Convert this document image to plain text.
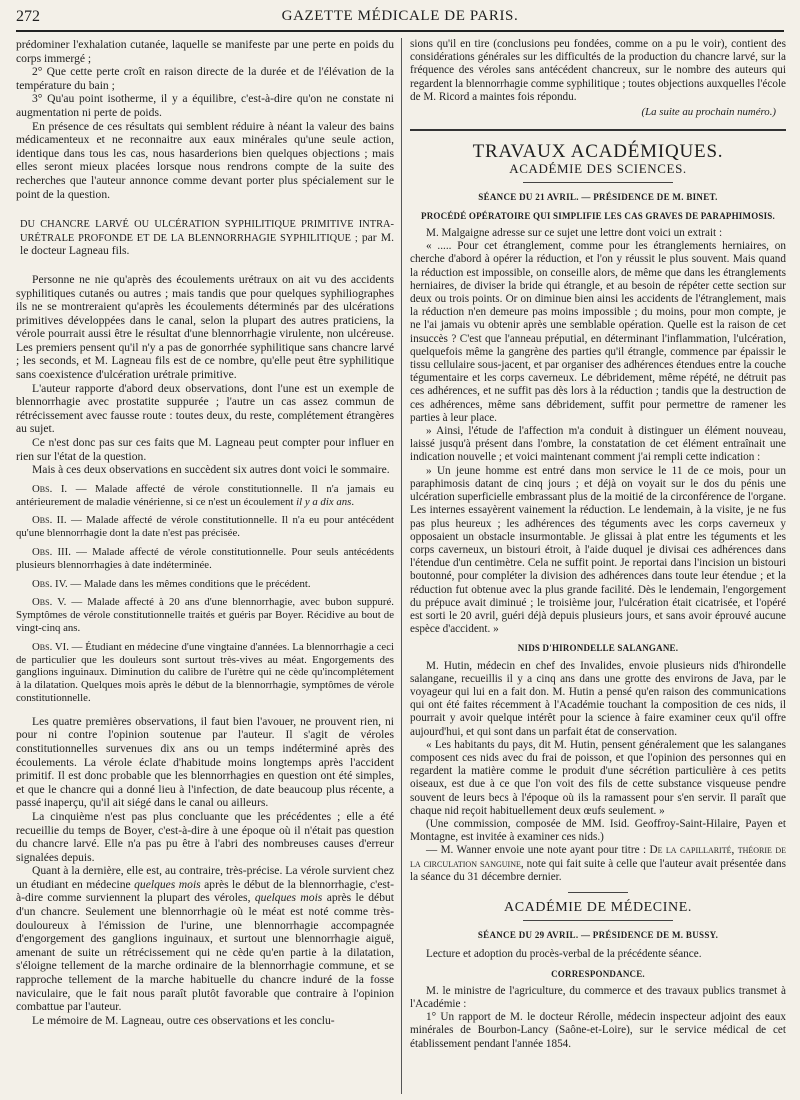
272	GAZETTE MÉDICALE DE PARIS.

prédominer l'exhalation cutanée, laquelle se manifeste par une perte en poids du corps immergé ;

2° Que cette perte croît en raison directe de la durée et de l'élévation de la température du bain ;

3° Qu'au point isotherme, il y a équilibre, c'est-à-dire qu'on ne constate ni augmentation ni perte de poids.

En présence de ces résultats qui semblent réduire à néant la valeur des bains médicamenteux et ne reconnaitre aux eaux minérales qu'une seule action, identique dans tous les cas, nous hasarderions bien quelques objections ; mais elles seront mieux placées lorsque nous rendrons compte de la suite des recherches que l'auteur annonce comme devant porter plus spécialement sur le point de la question.

DU CHANCRE LARVÉ OU ULCÉRATION SYPHILITIQUE PRIMITIVE INTRA-URÉTRALE PROFONDE ET DE LA BLENNORRHAGIE SYPHILITIQUE ; par M. le docteur Lagneau fils.

Personne ne nie qu'après des écoulements urétraux on ait vu des accidents syphilitiques cutanés ou autres ; mais tandis que pour quelques syphiliographes ils ne se montreraient qu'après les écoulements déterminés par des ulcérations primitives développées dans le canal, selon la plupart des autres praticiens, la vérole pourrait aussi être le résultat d'une blennorrhagie virulente, non ulcéreuse. Les premiers pensent qu'il n'y a pas de gonorrhée syphilitique sans chancre larvé ; les seconds, et M. Lagneau fils est de ce nombre, qu'elle peut être syphilitique sans coexistence d'ulcération urétrale primitive.

L'auteur rapporte d'abord deux observations, dont l'une est un exemple de blennorrhagie avec prostatite suppurée ; l'autre un cas assez commun de rétrécissement avec fausse route : toutes deux, du reste, complétement étrangères au sujet.

Ce n'est donc pas sur ces faits que M. Lagneau peut compter pour influer en rien sur l'état de la question.

Mais à ces deux observations en succèdent six autres dont voici le sommaire.

Obs. I. — Malade affecté de vérole constitutionnelle. Il n'a jamais eu antérieurement de maladie vénérienne, si ce n'est un écoulement il y a dix ans.

Obs. II. — Malade affecté de vérole constitutionnelle. Il n'a eu pour antécédent qu'une blennorrhagie dont la date n'est pas précisée.

Obs. III. — Malade affecté de vérole constitutionnelle. Pour seuls antécédents plusieurs blennorrhagies à date indéterminée.

Obs. IV. — Malade dans les mêmes conditions que le précédent.

Obs. V. — Malade affecté à 20 ans d'une blennorrhagie, avec bubon suppuré. Symptômes de vérole constitutionnelle traités et guéris par Boyer. Récidive au bout de vingt-cinq ans.

Obs. VI. — Étudiant en médecine d'une vingtaine d'années. La blennorrhagie a ceci de particulier que les douleurs sont surtout très-vives au méat. Engorgements des ganglions inguinaux. Diminution du calibre de l'urètre qui ne cède qu'incomplétement à la dilatation. Quelques mois après le début de la blennorrhagie, symptômes de vérole constitutionnelle.

Les quatre premières observations, il faut bien l'avouer, ne prouvent rien, ni pour ni contre l'opinion soutenue par l'auteur. Il s'agit de véroles constitutionnelles survenues dix ans ou un temps indéterminé après des écoulements. La vérole éclate d'habitude moins longtemps après l'accident primitif. Il est donc probable que les blennorrhagies en question ont été simples, et que le chancre qui a donné lieu à l'infection, de date beaucoup plus récente, a passé inaperçu, qu'il ait siégé dans le canal ou ailleurs.

La cinquième n'est pas plus concluante que les précédentes ; elle a été recueillie du temps de Boyer, c'est-à-dire à une époque où il n'était pas question du chancre larvé. Elle n'a pas pu être à l'abri des nombreuses causes d'erreur signalées depuis.

Quant à la dernière, elle est, au contraire, très-précise. La vérole survient chez un étudiant en médecine quelques mois après le début de la blennorrhagie, c'est-à-dire comme surviennent la plupart des véroles, quelques mois après le début d'un chancre. Seulement une blennorrhagie où le méat est noté comme très-douloureux à l'émission de l'urine, une blennorrhagie accompagnée d'engorgement des ganglions inguinaux, et surtout une blennorrhagie aiguë, amenant de suite un rétrécissement qui ne cède qu'en partie à la dilatation, s'éloigne tellement de la marche ordinaire de la blennorrhagie commune, et se rapproche tellement de la marche habituelle du chancre induré de la fosse naviculaire, que le fait nous paraît plutôt favorable que contraire à l'opinion combattue par l'auteur.

Le mémoire de M. Lagneau, outre ces observations et les conclu-

sions qu'il en tire (conclusions peu fondées, comme on a pu le voir), contient des considérations générales sur les difficultés de la production du chancre larvé, sur la fréquence des véroles sans antécédent chancreux, sur le nombre des auteurs qui regardent la blennorrhagie comme syphilitique ; toutes objections auxquelles l'école de M. Ricord a maintes fois répondu.

(La suite au prochain numéro.)

TRAVAUX ACADÉMIQUES.
ACADÉMIE DES SCIENCES.
SÉANCE DU 21 AVRIL. — PRÉSIDENCE DE M. BINET.
PROCÉDÉ OPÉRATOIRE QUI SIMPLIFIE LES CAS GRAVES DE PARAPHIMOSIS.

M. Malgaigne adresse sur ce sujet une lettre dont voici un extrait :

« ..... Pour cet étranglement, comme pour les étranglements herniaires, on cherche d'abord à opérer la réduction, et l'on y réussit le plus souvent. Mais quand la réduction est impossible, on conseille alors, de même que dans les étranglements herniaires, de diviser la bride qui étrangle, et au besoin de répéter cette section sur deux ou trois points. Or on diminue bien ainsi les accidents de l'étranglement, mais la réduction n'en demeure pas moins impossible ; du moins, pour mon compte, je ne l'ai jamais vu obtenir après une semblable opération. Quelle est la raison de cet insuccès ? C'est que l'anneau préputial, en déterminant l'inflammation, l'ulcération, quelquefois même la gangrène des parties qu'il étrangle, commence par épaissir le tissu cellulaire sous-jacent, et par organiser des adhérences étendues entre la couche tégumentaire et les corps caverneux. Le débridement, même répété, ne détruit pas ces adhérences, et ne suffit pas dès lors à la réduction ; tandis que la destruction de ces adhérences, même sans débridement, suffit pour permettre de ramener les parties à leur place.

» Ainsi, l'étude de l'affection m'a conduit à distinguer un élément nouveau, laissé jusqu'à présent dans l'ombre, la constatation de cet élément entraînait une indication nouvelle ; et voici maintenant comment j'ai rempli cette indication :

» Un jeune homme est entré dans mon service le 11 de ce mois, pour un paraphimosis datant de cinq jours ; et déjà on voyait sur le dos du pénis une ulcération superficielle embrassant plus de la moitié de la circonférence de l'organe. Les internes essayèrent vainement la réduction. Le lendemain, à la visite, je ne fus pas plus heureux ; les adhérences des téguments avec les corps caverneux y opposaient un obstacle insurmontable. Je glissai à plat entre les téguments et les corps caverneux, un bistouri étroit, à l'aide duquel je divisai ces adhérences dans l'étendue d'un centimètre. Cela ne suffit point. Je reportai dans l'incision un bistouri boutonné, pour compléter la division des adhérences dans toute leur étendue ; et la réduction fut obtenue avec la plus grande facilité. Dès le lendemain, l'engorgement du prépuce avait diminué ; le troisième jour, l'ulcération était cicatrisée, et l'opéré est sorti le 20 avril, guéri déjà depuis plusieurs jours, et sans avoir éprouvé aucune espèce d'accident. »

NIDS D'HIRONDELLE SALANGANE.

M. Hutin, médecin en chef des Invalides, envoie plusieurs nids d'hirondelle salangane, recueillis il y a cinq ans dans une grotte des environs de Java, par le voyageur qui lui en a fait don. M. Hutin a pensé qu'en raison des communications qui ont été faites récemment à l'Académie touchant la composition de ces nids, il pourrait y avoir quelque intérêt pour la science à faire examiner ceux qu'il offre aujourd'hui, et qui sont dans un parfait état de conservation.

« Les habitants du pays, dit M. Hutin, pensent généralement que les salanganes composent ces nids avec du frai de poisson, et que l'opinion des personnes qui en regardent la matière comme le produit d'une sécrétion particulière à ces petits oiseaux, est due à ce que l'on voit des fils de cette substance visqueuse pendre souvent de leurs becs à l'époque où ils la ramassent pour s'en servir. Il paraît que chaque nid reçoit habituellement deux œufs seulement. »

(Une commission, composée de MM. Isid. Geoffroy-Saint-Hilaire, Payen et Montagne, est invitée à examiner ces nids.)

— M. Wanner envoie une note ayant pour titre : De la capillarité, théorie de la circulation sanguine, note qui fait suite à celle que l'auteur avait présentée dans la séance du 31 décembre dernier.

ACADÉMIE DE MÉDECINE.
SÉANCE DU 29 AVRIL. — PRÉSIDENCE DE M. BUSSY.

Lecture et adoption du procès-verbal de la précédente séance.

CORRESPONDANCE.

M. le ministre de l'agriculture, du commerce et des travaux publics transmet à l'Académie :

1° Un rapport de M. le docteur Rérolle, médecin inspecteur adjoint des eaux minérales de Bourbon-Lancy (Saône-et-Loire), sur le service médical de cet établissement pendant l'année 1854.
